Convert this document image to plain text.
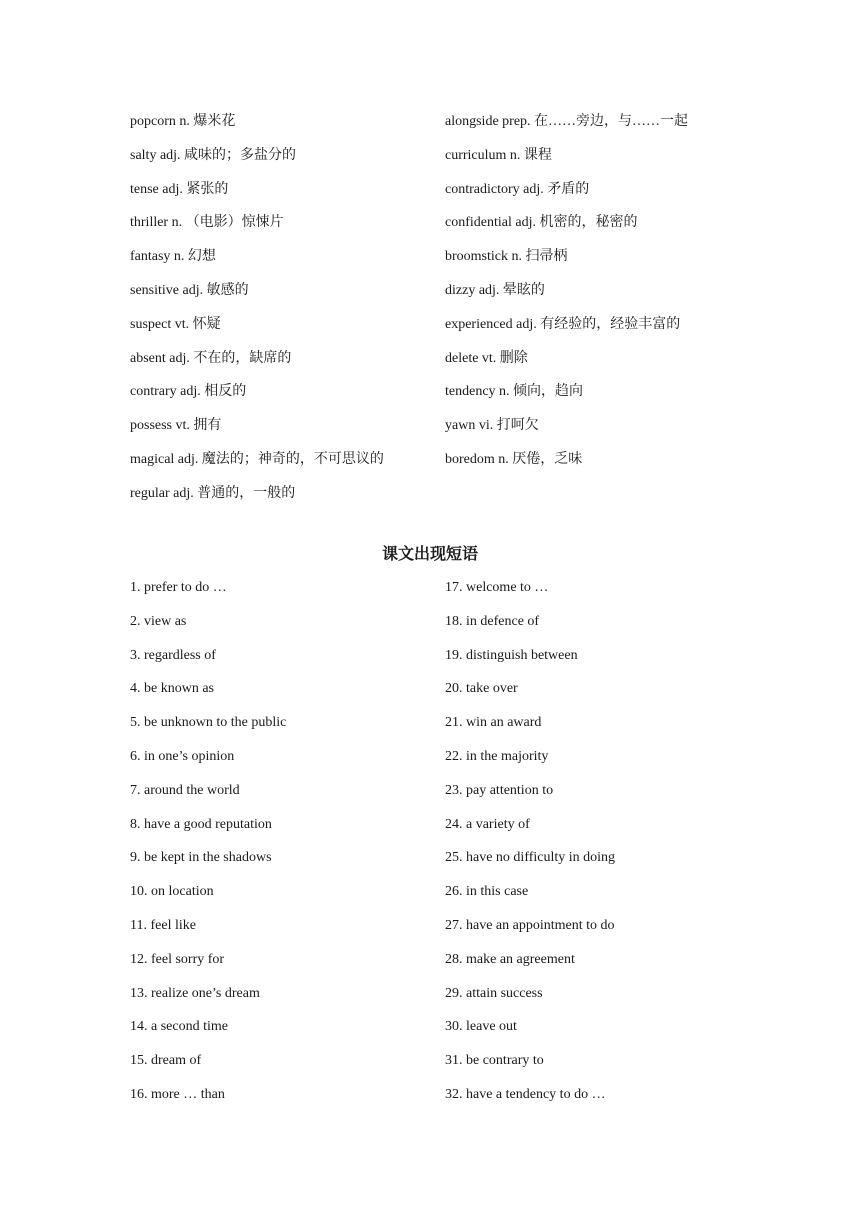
popcorn n. 爆米花	alongside prep. 在……旁边，与……一起
salty adj. 咸味的；多盐分的	curriculum n. 课程
tense adj. 紧张的	contradictory adj. 矛盾的
thriller n. （电影）惊悚片	confidential adj. 机密的，秘密的
fantasy n. 幻想	broomstick n. 扫帚柄
sensitive adj. 敏感的	dizzy adj. 晕眩的
suspect vt. 怀疑	experienced adj. 有经验的，经验丰富的
absent adj. 不在的，缺席的	delete vt. 删除
contrary adj. 相反的	tendency n. 倾向，趋向
possess vt. 拥有	yawn vi. 打呵欠
magical adj. 魔法的；神奇的，不可思议的	boredom n. 厌倦，乏味
regular adj. 普通的，一般的
课文出现短语
1. prefer to do …	17. welcome to …
2. view as	18. in defence of
3. regardless of	19. distinguish between
4. be known as	20. take over
5. be unknown to the public	21. win an award
6. in one’s opinion	22. in the majority
7. around the world	23. pay attention to
8. have a good reputation	24. a variety of
9. be kept in the shadows	25. have no difficulty in doing
10. on location	26. in this case
11. feel like	27. have an appointment to do
12. feel sorry for	28. make an agreement
13. realize one’s dream	29. attain success
14. a second time	30. leave out
15. dream of	31. be contrary to
16. more … than	32. have a tendency to do …
